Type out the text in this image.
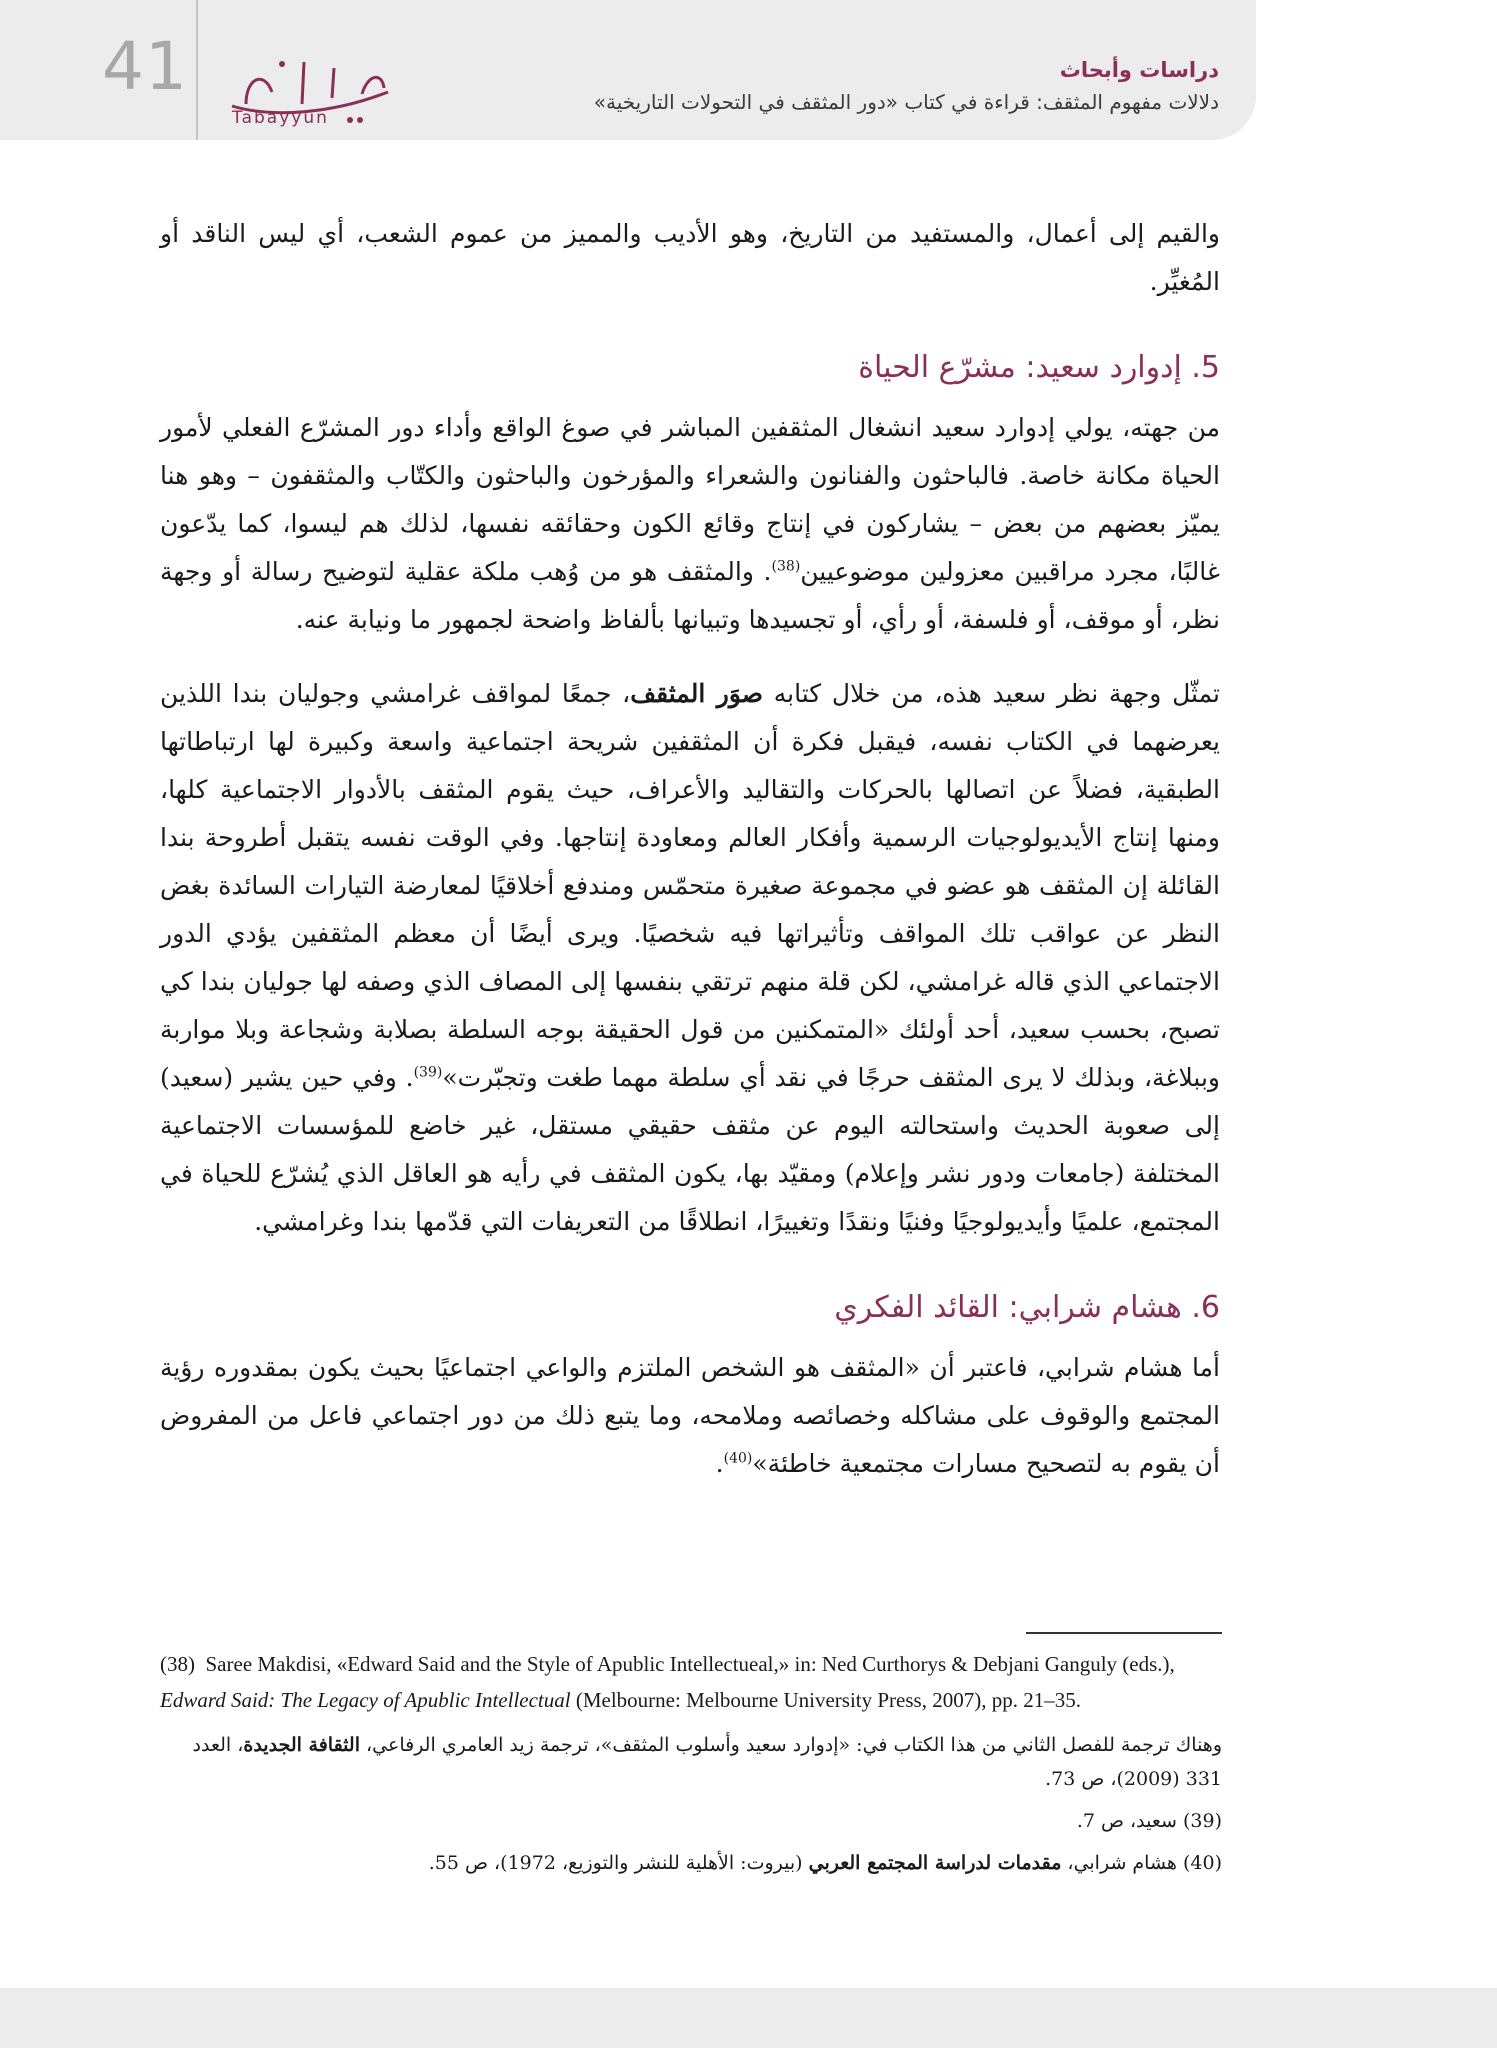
41
Tabayyun
دراسات وأبحاث
دلالات مفهوم المثقف: قراءة في كتاب «دور المثقف في التحولات التاريخية»

والقيم إلى أعمال، والمستفيد من التاريخ، وهو الأديب والمميز من عموم الشعب، أي ليس الناقد أو المُغيِّر.

5. إدوارد سعيد: مشرّع الحياة

من جهته، يولي إدوارد سعيد انشغال المثقفين المباشر في صوغ الواقع وأداء دور المشرّع الفعلي لأمور الحياة مكانة خاصة. فالباحثون والفنانون والشعراء والمؤرخون والباحثون والكتّاب والمثقفون – وهو هنا يميّز بعضهم من بعض – يشاركون في إنتاج وقائع الكون وحقائقه نفسها، لذلك هم ليسوا، كما يدّعون غالبًا، مجرد مراقبين معزولين موضوعيين$^{(38)}$. والمثقف هو من وُهب ملكة عقلية لتوضيح رسالة أو وجهة نظر، أو موقف، أو فلسفة، أو رأي، أو تجسيدها وتبيانها بألفاظ واضحة لجمهور ما ونيابة عنه.

تمثّل وجهة نظر سعيد هذه، من خلال كتابه صوَر المثقف، جمعًا لمواقف غرامشي وجوليان بندا اللذين يعرضهما في الكتاب نفسه، فيقبل فكرة أن المثقفين شريحة اجتماعية واسعة وكبيرة لها ارتباطاتها الطبقية، فضلاً عن اتصالها بالحركات والتقاليد والأعراف، حيث يقوم المثقف بالأدوار الاجتماعية كلها، ومنها إنتاج الأيديولوجيات الرسمية وأفكار العالم ومعاودة إنتاجها. وفي الوقت نفسه يتقبل أطروحة بندا القائلة إن المثقف هو عضو في مجموعة صغيرة متحمّس ومندفع أخلاقيًا لمعارضة التيارات السائدة بغض النظر عن عواقب تلك المواقف وتأثيراتها فيه شخصيًا. ويرى أيضًا أن معظم المثقفين يؤدي الدور الاجتماعي الذي قاله غرامشي، لكن قلة منهم ترتقي بنفسها إلى المصاف الذي وصفه لها جوليان بندا كي تصبح، بحسب سعيد، أحد أولئك «المتمكنين من قول الحقيقة بوجه السلطة بصلابة وشجاعة وبلا مواربة وببلاغة، وبذلك لا يرى المثقف حرجًا في نقد أي سلطة مهما طغت وتجبّرت»$^{(39)}$. وفي حين يشير (سعيد) إلى صعوبة الحديث واستحالته اليوم عن مثقف حقيقي مستقل، غير خاضع للمؤسسات الاجتماعية المختلفة (جامعات ودور نشر وإعلام) ومقيّد بها، يكون المثقف في رأيه هو العاقل الذي يُشرّع للحياة في المجتمع، علميًا وأيديولوجيًا وفنيًا ونقدًا وتغييرًا، انطلاقًا من التعريفات التي قدّمها بندا وغرامشي.

6. هشام شرابي: القائد الفكري

أما هشام شرابي، فاعتبر أن «المثقف هو الشخص الملتزم والواعي اجتماعيًا بحيث يكون بمقدوره رؤية المجتمع والوقوف على مشاكله وخصائصه وملامحه، وما يتبع ذلك من دور اجتماعي فاعل من المفروض أن يقوم به لتصحيح مسارات مجتمعية خاطئة»$^{(40)}$.

(38) Saree Makdisi, «Edward Said and the Style of Apublic Intellectueal,» in: Ned Curthorys & Debjani Ganguly (eds.), Edward Said: The Legacy of Apublic Intellectual (Melbourne: Melbourne University Press, 2007), pp. 21–35.

وهناك ترجمة للفصل الثاني من هذا الكتاب في: «إدوارد سعيد وأسلوب المثقف»، ترجمة زيد العامري الرفاعي، الثقافة الجديدة، العدد 331 (2009)، ص 73.

(39) سعيد، ص 7.

(40) هشام شرابي، مقدمات لدراسة المجتمع العربي (بيروت: الأهلية للنشر والتوزيع، 1972)، ص 55.
